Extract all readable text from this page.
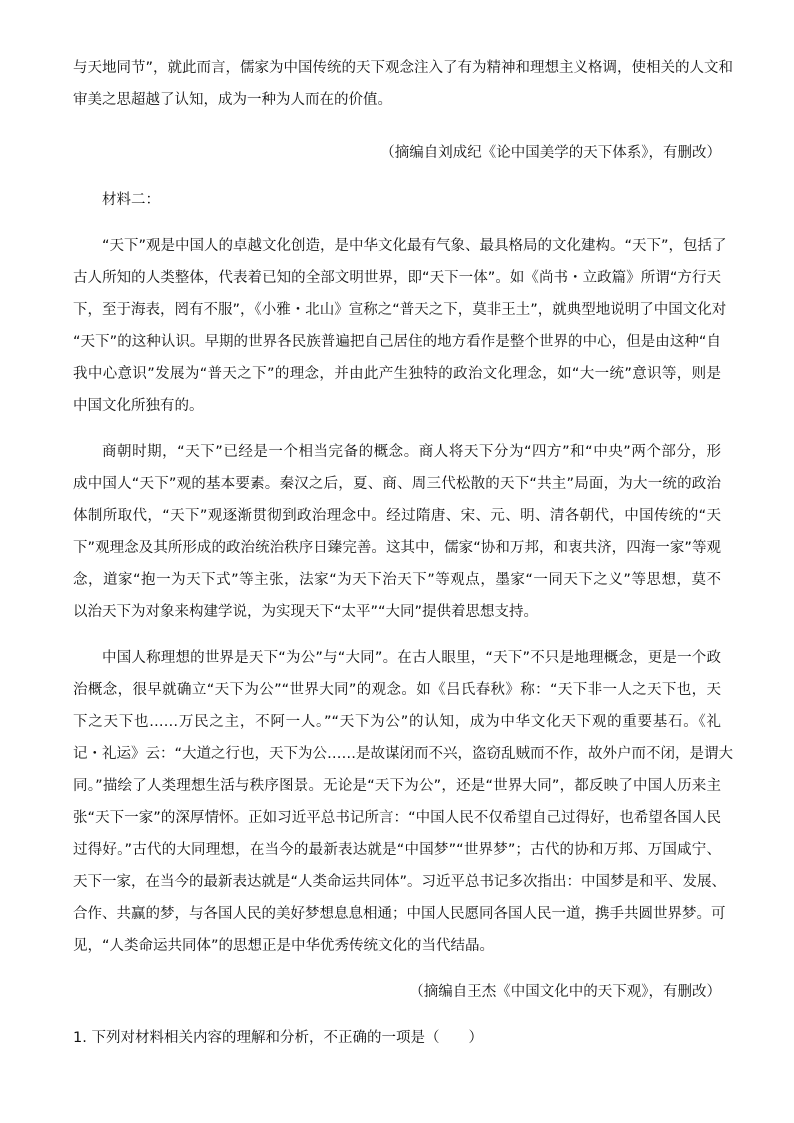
与天地同节”，就此而言，儒家为中国传统的天下观念注入了有为精神和理想主义格调，使相关的人文和
审美之思超越了认知，成为一种为人而在的价值。
（摘编自刘成纪《论中国美学的天下体系》，有删改）
材料二：
“天下”观是中国人的卓越文化创造，是中华文化最有气象、最具格局的文化建构。“天下”，包括了
古人所知的人类整体，代表着已知的全部文明世界，即“天下一体”。如《尚书・立政篇》所谓“方行天
下，至于海表，罔有不服”，《小雅・北山》宣称之“普天之下，莫非王土”，就典型地说明了中国文化对
“天下”的这种认识。早期的世界各民族普遍把自己居住的地方看作是整个世界的中心，但是由这种“自
我中心意识”发展为“普天之下”的理念，并由此产生独特的政治文化理念，如“大一统”意识等，则是
中国文化所独有的。
商朝时期，“天下”已经是一个相当完备的概念。商人将天下分为“四方”和“中央”两个部分，形
成中国人“天下”观的基本要素。秦汉之后，夏、商、周三代松散的天下“共主”局面，为大一统的政治
体制所取代，“天下”观逐渐贯彻到政治理念中。经过隋唐、宋、元、明、清各朝代，中国传统的“天
下”观理念及其所形成的政治统治秩序日臻完善。这其中，儒家“协和万邦，和衷共济，四海一家”等观
念，道家“抱一为天下式”等主张，法家“为天下治天下”等观点，墨家“一同天下之义”等思想，莫不
以治天下为对象来构建学说，为实现天下“太平”“大同”提供着思想支持。
中国人称理想的世界是天下“为公”与“大同”。在古人眼里，“天下”不只是地理概念，更是一个政
治概念，很早就确立“天下为公”“世界大同”的观念。如《吕氏春秋》称：“天下非一人之天下也，天
下之天下也……万民之主，不阿一人。”“天下为公”的认知，成为中华文化天下观的重要基石。《礼
记・礼运》云：“大道之行也，天下为公……是故谋闭而不兴，盗窃乱贼而不作，故外户而不闭，是谓大
同。”描绘了人类理想生活与秩序图景。无论是“天下为公”，还是“世界大同”，都反映了中国人历来主
张“天下一家”的深厚情怀。正如习近平总书记所言：“中国人民不仅希望自己过得好，也希望各国人民
过得好。”古代的大同理想，在当今的最新表达就是“中国梦”“世界梦”；古代的协和万邦、万国咸宁、
天下一家，在当今的最新表达就是“人类命运共同体”。习近平总书记多次指出：中国梦是和平、发展、
合作、共赢的梦，与各国人民的美好梦想息息相通；中国人民愿同各国人民一道，携手共圆世界梦。可
见，“人类命运共同体”的思想正是中华优秀传统文化的当代结晶。
（摘编自王杰《中国文化中的天下观》，有删改）
1. 下列对材料相关内容的理解和分析，不正确的一项是（　　）
